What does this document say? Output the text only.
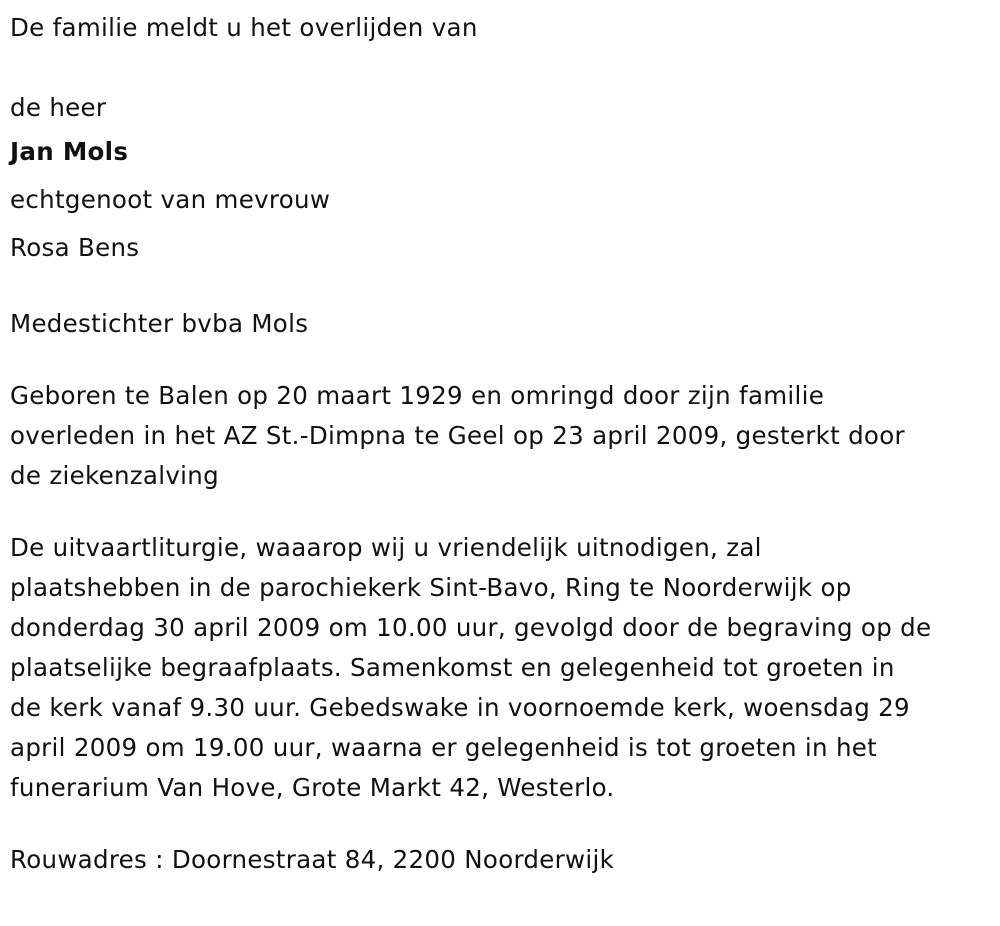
De familie meldt u het overlijden van

de heer

Jan Mols

echtgenoot van mevrouw

Rosa Bens

Medestichter bvba Mols

Geboren te Balen op 20 maart 1929 en omringd door zijn familie

overleden in het AZ St.-Dimpna te Geel op 23 april 2009, gesterkt door

de ziekenzalving

De uitvaartliturgie, waaarop wij u vriendelijk uitnodigen, zal

plaatshebben in de parochiekerk Sint-Bavo, Ring te Noorderwijk op

donderdag 30 april 2009 om 10.00 uur, gevolgd door de begraving op de

plaatselijke begraafplaats. Samenkomst en gelegenheid tot groeten in

de kerk vanaf 9.30 uur. Gebedswake in voornoemde kerk, woensdag 29

april 2009 om 19.00 uur, waarna er gelegenheid is tot groeten in het

funerarium Van Hove, Grote Markt 42, Westerlo.

Rouwadres : Doornestraat 84, 2200 Noorderwijk
